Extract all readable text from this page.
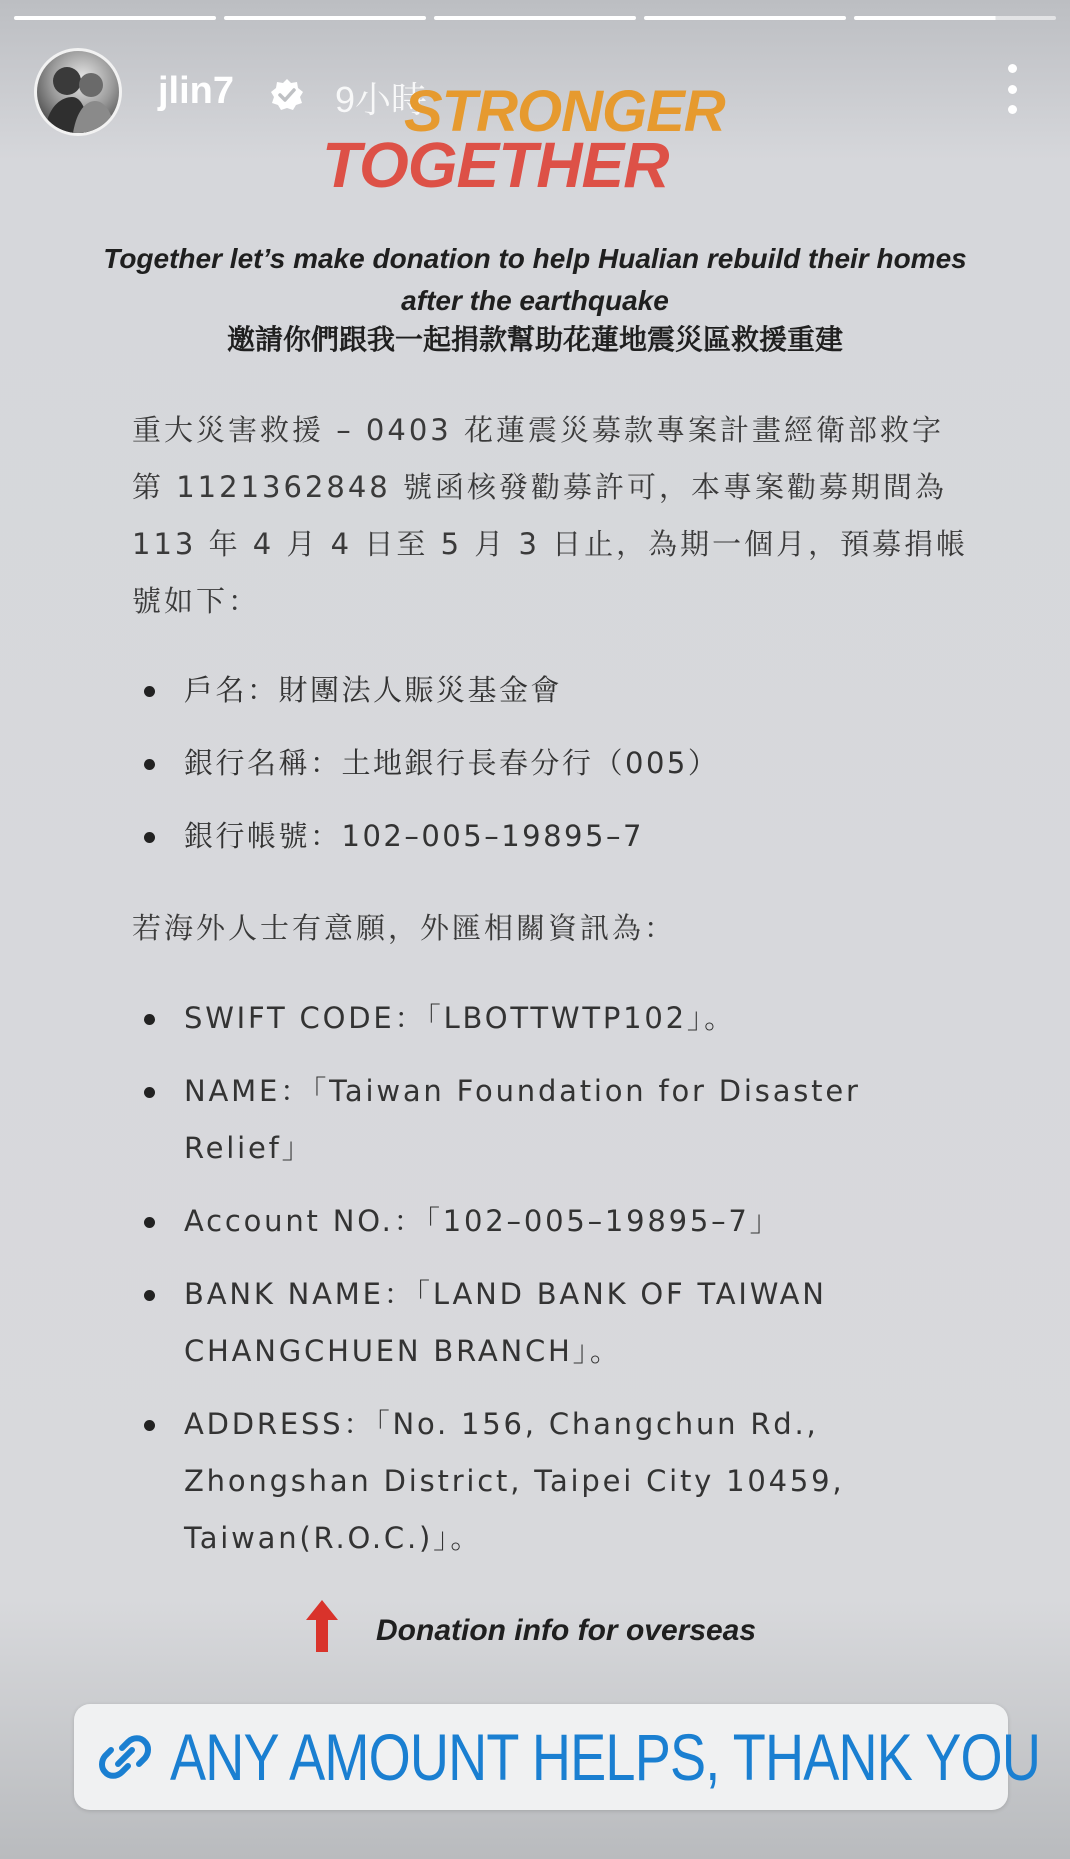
jlin7	9小時
STRONGER
TOGETHER
Together let’s make donation to help Hualian rebuild their homes after the earthquake
邀請你們跟我一起捐款幫助花蓮地震災區救援重建
重大災害救援 – 0403 花蓮震災募款專案計畫經衛部救字第 1121362848 號函核發勸募許可，本專案勸募期間為 113 年 4 月 4 日至 5 月 3 日止，為期一個月，預募捐帳號如下：
戶名：財團法人賑災基金會
銀行名稱：土地銀行長春分行（005）
銀行帳號：102–005–19895–7
若海外人士有意願，外匯相關資訊為：
SWIFT CODE：「LBOTTWTP102」。
NAME：「Taiwan Foundation for Disaster Relief」
Account NO.：「102–005–19895–7」
BANK NAME：「LAND BANK OF TAIWAN CHANGCHUEN BRANCH」。
ADDRESS：「No. 156, Changchun Rd., Zhongshan District, Taipei City 10459, Taiwan(R.O.C.)」。
Donation info for overseas
ANY AMOUNT HELPS, THANK YOU
